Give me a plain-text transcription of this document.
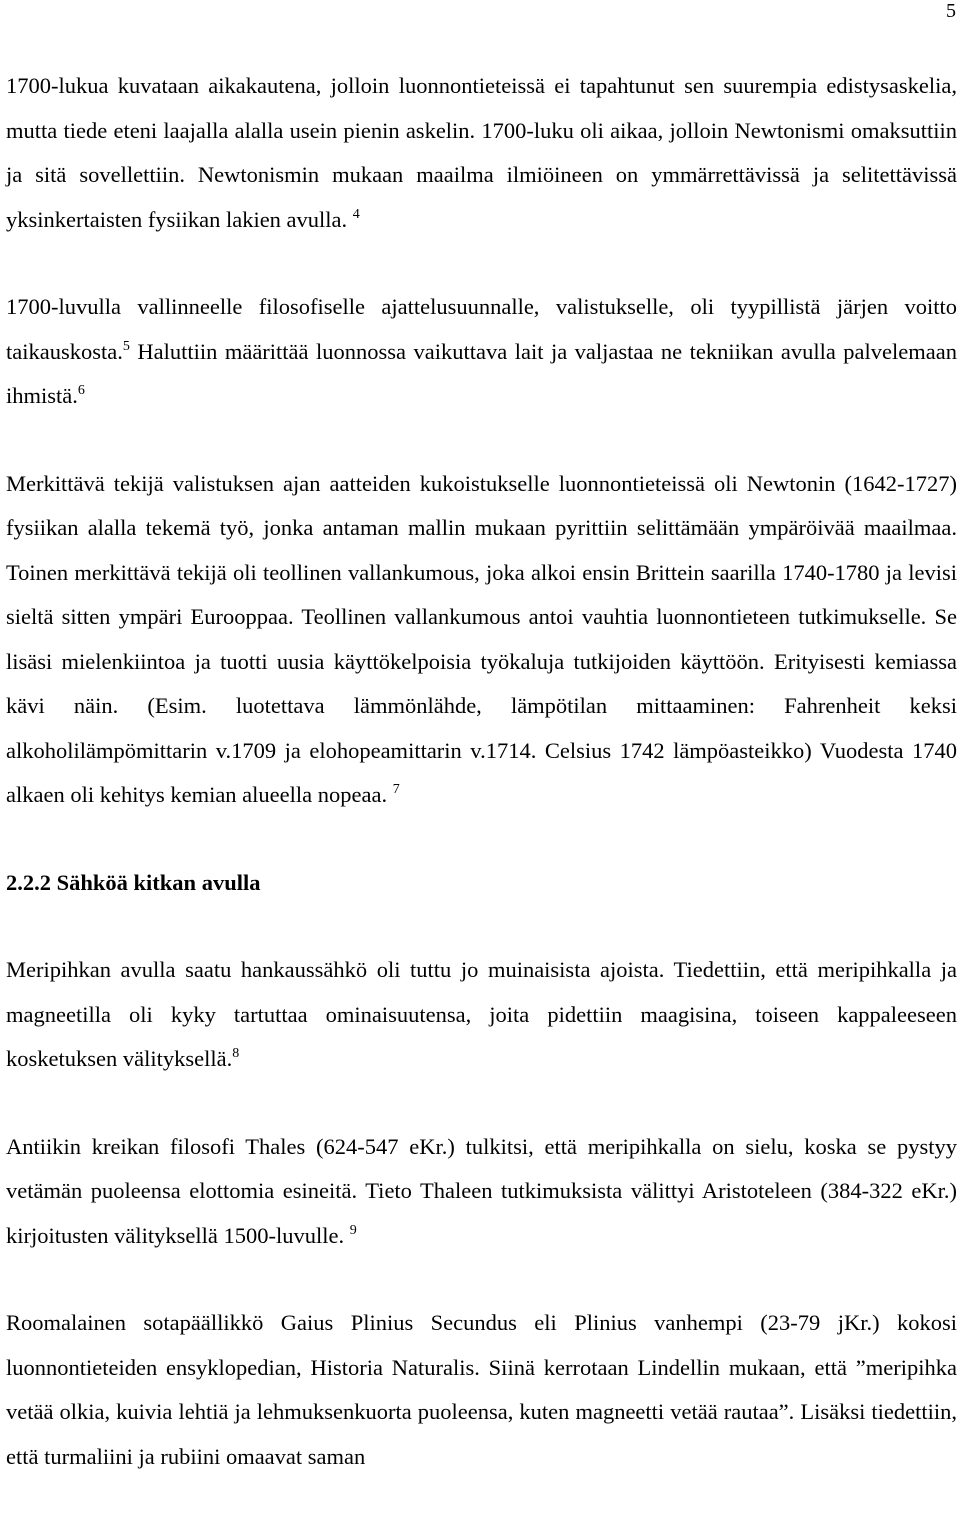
5

1700-lukua kuvataan aikakautena, jolloin luonnontieteissä ei tapahtunut sen suurempia edistysaskelia, mutta tiede eteni laajalla alalla usein pienin askelin. 1700-luku oli aikaa, jolloin Newtonismi omaksuttiin ja sitä sovellettiin. Newtonismin mukaan maailma ilmiöineen on ymmärrettävissä ja selitettävissä yksinkertaisten fysiikan lakien avulla. $^4$

1700-luvulla vallinneelle filosofiselle ajattelusuunnalle, valistukselle, oli tyypillistä järjen voitto taikauskosta.$^5$ Haluttiin määrittää luonnossa vaikuttava lait ja valjastaa ne tekniikan avulla palvelemaan ihmistä.$^6$

Merkittävä tekijä valistuksen ajan aatteiden kukoistukselle luonnontieteissä oli Newtonin (1642-1727) fysiikan alalla tekemä työ, jonka antaman mallin mukaan pyrittiin selittämään ympäröivää maailmaa. Toinen merkittävä tekijä oli teollinen vallankumous, joka alkoi ensin Brittein saarilla 1740-1780 ja levisi sieltä sitten ympäri Eurooppaa. Teollinen vallankumous antoi vauhtia luonnontieteen tutkimukselle. Se lisäsi mielenkiintoa ja tuotti uusia käyttökelpoisia työkaluja tutkijoiden käyttöön. Erityisesti kemiassa kävi näin. (Esim. luotettava lämmönlähde, lämpötilan mittaaminen: Fahrenheit keksi alkoholilämpömittarin v.1709 ja elohopeamittarin v.1714. Celsius 1742 lämpöasteikko) Vuodesta 1740 alkaen oli kehitys kemian alueella nopeaa. $^7$

2.2.2 Sähköä kitkan avulla

Meripihkan avulla saatu hankaussähkö oli tuttu jo muinaisista ajoista. Tiedettiin, että meripihkalla ja magneetilla oli kyky tartuttaa ominaisuutensa, joita pidettiin maagisina, toiseen kappaleeseen kosketuksen välityksellä.$^8$

Antiikin kreikan filosofi Thales (624-547 eKr.) tulkitsi, että meripihkalla on sielu, koska se pystyy vetämän puoleensa elottomia esineitä. Tieto Thaleen tutkimuksista välittyi Aristoteleen (384-322 eKr.) kirjoitusten välityksellä 1500-luvulle. $^9$

Roomalainen sotapäällikkö Gaius Plinius Secundus eli Plinius vanhempi (23-79 jKr.) kokosi luonnontieteiden ensyklopedian, Historia Naturalis. Siinä kerrotaan Lindellin mukaan, että ”meripihka vetää olkia, kuivia lehtiä ja lehmuksenkuorta puoleensa, kuten magneetti vetää rautaa”. Lisäksi tiedettiin, että turmaliini ja rubiini omaavat saman
